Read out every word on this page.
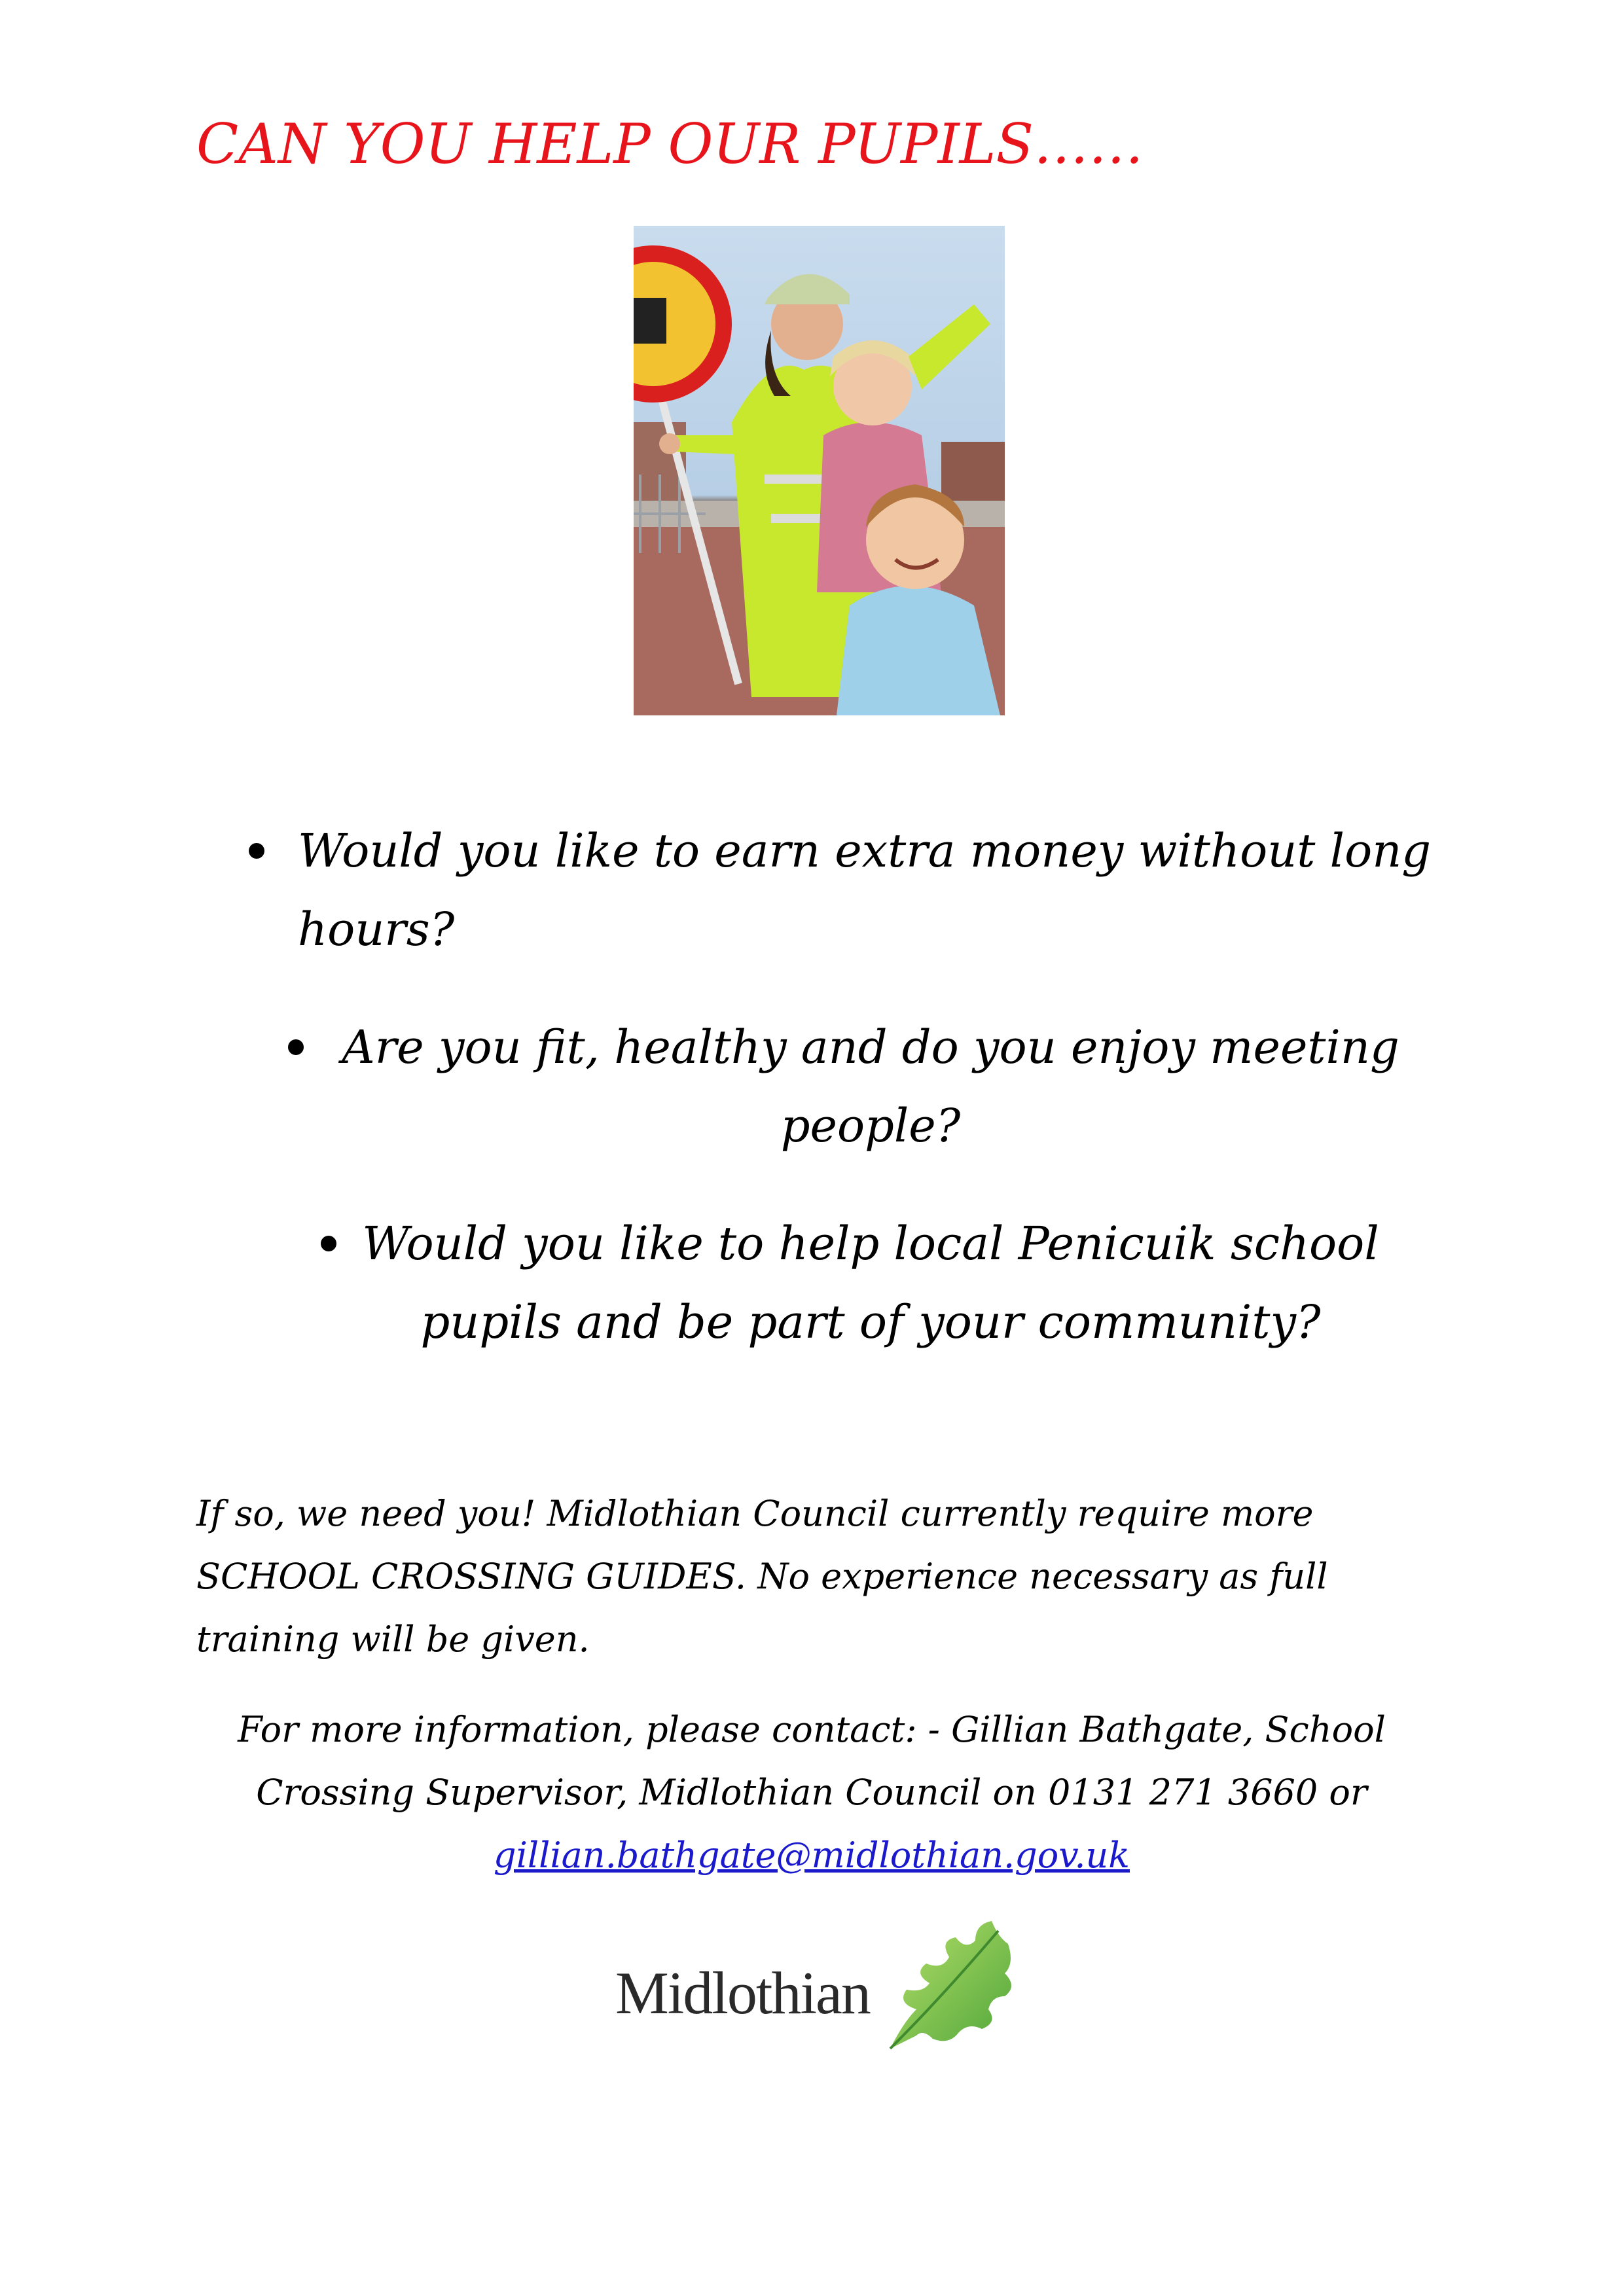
CAN YOU HELP OUR PUPILS……
Would you like to earn extra money without long hours?
Are you fit, healthy and do you enjoy meeting people?
Would you like to help local Penicuik school pupils and be part of your community?

If so, we need you! Midlothian Council currently require more SCHOOL CROSSING GUIDES. No experience necessary as full training will be given.

For more information, please contact: - Gillian Bathgate, School Crossing Supervisor, Midlothian Council on 0131 271 3660 or
gillian.bathgate@midlothian.gov.uk

Midlothian
